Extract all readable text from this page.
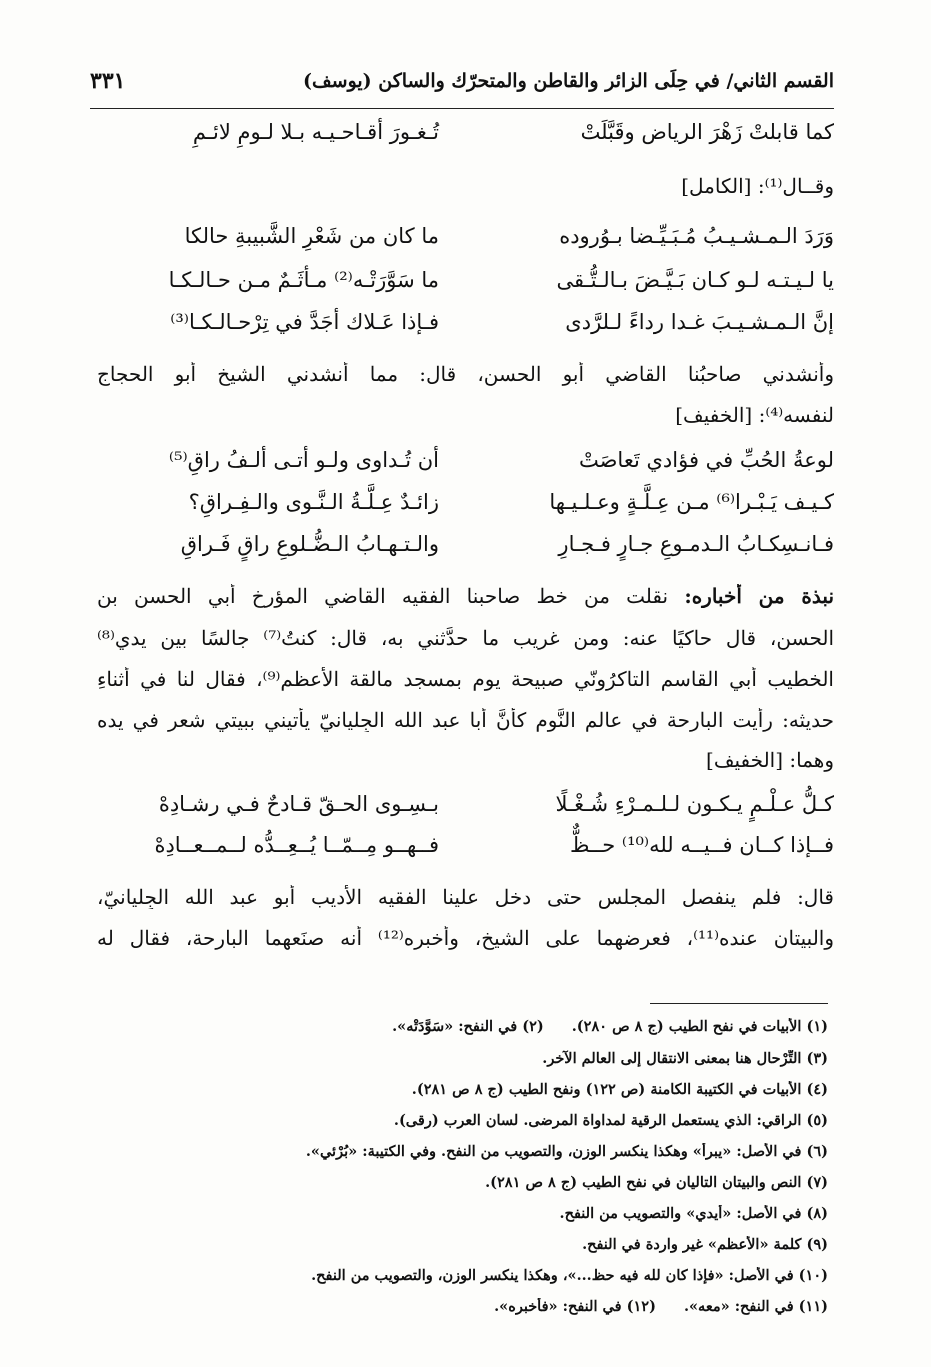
القسم الثاني/ في حِلَى الزائر والقاطن والمتحرّك والساكن (يوسف)
٣٣١
كما قابلتْ زَهْرَ الرياض وقَبَّلَتْ
تُـغـورَ أقـاحـيـه بـلا لـومِ لائـمِ
وقــال⁽¹⁾: [الكامل]
وَرَدَ الـمـشـيـبُ مُـبَـيِّـضا بـوُروده
ما كان من شَعْرِ الشَّبيبةِ حالكا
يا لـيـتـه لـو كـان بَـيَّـضَ بـالـتُّـقى
ما سَوَّرَتْـه⁽²⁾ مـأثَـمٌ مـن حـالـكـا
إنَّ الـمـشـيـبَ غـدا رداءً لـلرَّدى
فـإذا عَـلاك أجَدَّ في تِرْحـالـكـا⁽³⁾
وأنشدني صاحبُنا القاضي أبو الحسن، قال: مما أنشدني الشيخ أبو الحجاج
لنفسه⁽⁴⁾: [الخفيف]
لوعةُ الحُبِّ في فؤادي تَعاصَتْ
أن تُـداوى ولـو أتـى ألـفُ راقِ⁽⁵⁾
كـيـف يَـبْـرا⁽⁶⁾ مـن عِـلَّـةٍ وعـلـيـها
زائـدٌ عِـلَّـةُ الـنَّـوى والـفِـراقِ؟
فـانـسِكـابُ الـدمـوعِ جـارٍ فـجـارِ
والـتـهـابُ الـضُّـلوعِ راقٍ فَـراقِ
نبذة من أخباره: نقلت من خط صاحبنا الفقيه القاضي المؤرخ أبي الحسن بن
الحسن، قال حاكيًا عنه: ومن غريب ما حدَّثني به، قال: كنتُ⁽⁷⁾ جالسًا بين يدي⁽⁸⁾
الخطيب أبي القاسم التاكرُونّي صبيحة يوم بمسجد مالقة الأعظم⁽⁹⁾، فقال لنا في أثناءِ
حديثه: رأيت البارحة في عالم النَّوم كأنَّ أبا عبد الله الجِليانيّ يأتيني ببيتي شعر في يده
وهما: [الخفيف]
كـلُّ عـلْـمٍ يـكـون لـلـمـرْءِ شُـغْـلًا
بـسِـوى الحـقّ قـادحٌ فـي رشـادِهْ
فــإذا كــان فــيــه لله⁽¹⁰⁾ حــظٌّ
فــهــو مِــمّــا يُــعِــدُّه لــمــعــادِهْ
قال: فلم ينفصل المجلس حتى دخل علينا الفقيه الأديب أبو عبد الله الجِليانيّ،
والبيتان عنده⁽¹¹⁾، فعرضهما على الشيخ، وأخبره⁽¹²⁾ أنه صنَعهما البارحة، فقال له
(١) الأبيات في نفح الطيب (ج ٨ ص ٢٨٠).(٢) في النفح: «سَوَّدَتْه».
(٣) التِّرْحال هنا بمعنى الانتقال إلى العالم الآخر.
(٤) الأبيات في الكتيبة الكامنة (ص ١٢٢) ونفح الطيب (ج ٨ ص ٢٨١).
(٥) الراقي: الذي يستعمل الرقية لمداواة المرضى. لسان العرب (رقى).
(٦) في الأصل: «يبرأ» وهكذا ينكسر الوزن، والتصويب من النفح. وفي الكتيبة: «بُرْئي».
(٧) النص والبيتان التاليان في نفح الطيب (ج ٨ ص ٢٨١).
(٨) في الأصل: «أيدي» والتصويب من النفح.
(٩) كلمة «الأعظم» غير واردة في النفح.
(١٠) في الأصل: «فإذا كان لله فيه حظ...»، وهكذا ينكسر الوزن، والتصويب من النفح.
(١١) في النفح: «معه».(١٢) في النفح: «فأخبره».
